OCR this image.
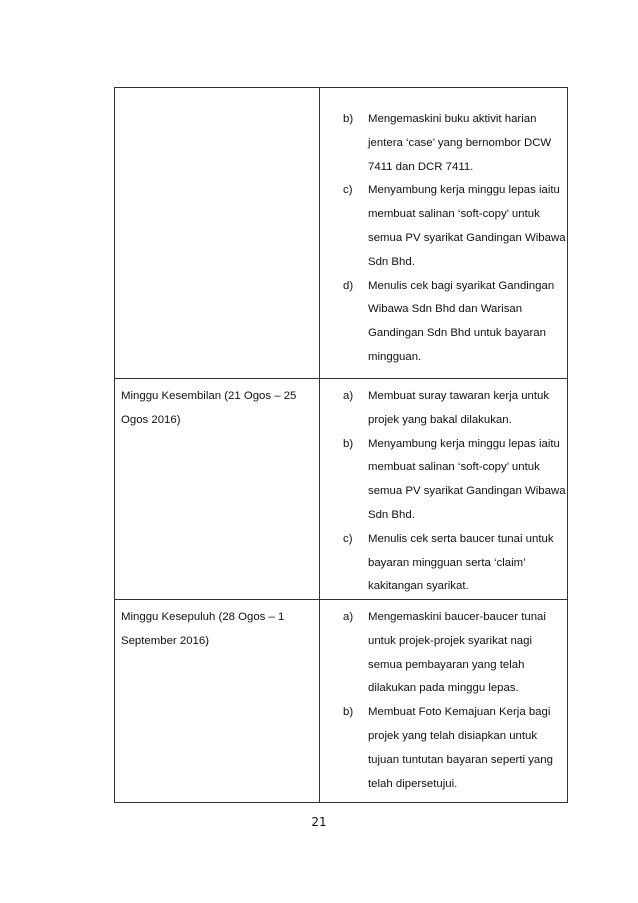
b) Mengemaskini buku aktivit harian jentera ‘case’ yang bernombor DCW 7411 dan DCR 7411.
c) Menyambung kerja minggu lepas iaitu membuat salinan ‘soft-copy’ untuk semua PV syarikat Gandingan Wibawa Sdn Bhd.
d) Menulis cek bagi syarikat Gandingan Wibawa Sdn Bhd dan Warisan Gandingan Sdn Bhd untuk bayaran mingguan.
Minggu Kesembilan (21 Ogos – 25 Ogos 2016)
a) Membuat suray tawaran kerja untuk projek yang bakal dilakukan.
b) Menyambung kerja minggu lepas iaitu membuat salinan ‘soft-copy’ untuk semua PV syarikat Gandingan Wibawa Sdn Bhd.
c) Menulis cek serta baucer tunai untuk bayaran mingguan serta ‘claim’ kakitangan syarikat.
Minggu Kesepuluh (28 Ogos – 1 September 2016)
a) Mengemaskini baucer-baucer tunai untuk projek-projek syarikat nagi semua pembayaran yang telah dilakukan pada minggu lepas.
b) Membuat Foto Kemajuan Kerja bagi projek yang telah disiapkan untuk tujuan tuntutan bayaran seperti yang telah dipersetujui.
21
